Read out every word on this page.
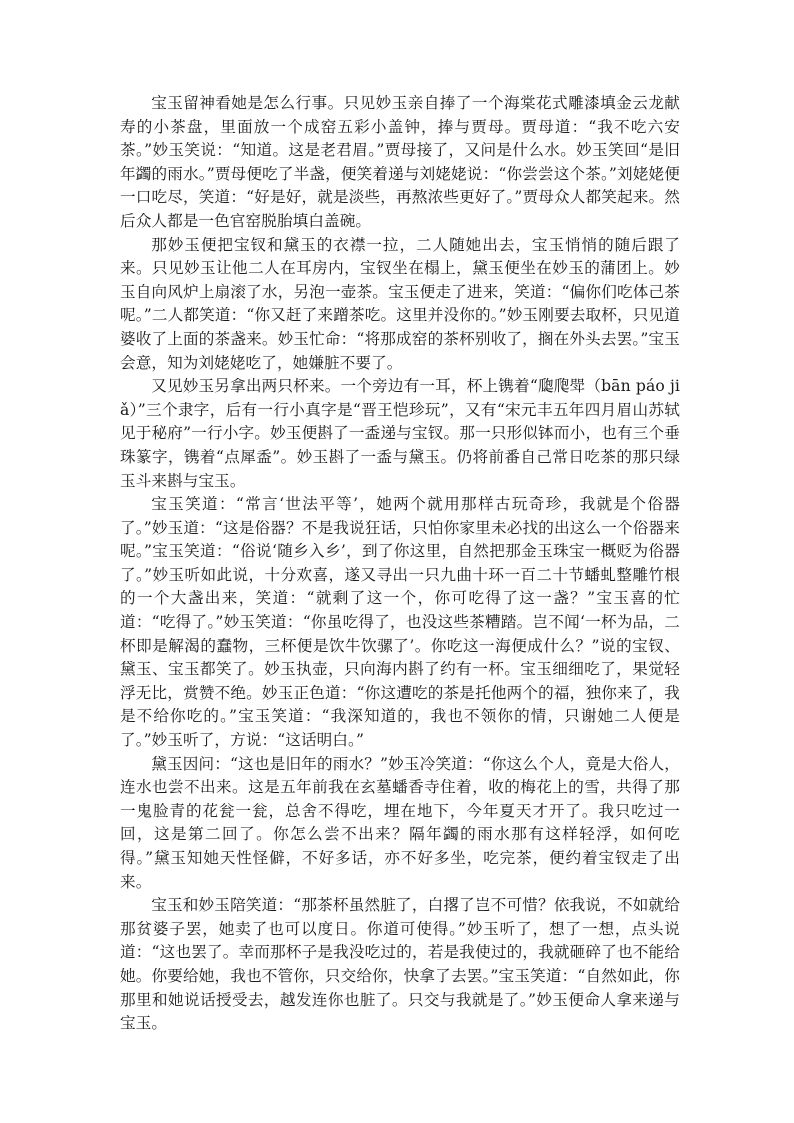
宝玉留神看她是怎么行事。只见妙玉亲自捧了一个海棠花式雕漆填金云龙献寿的小茶盘，里面放一个成窑五彩小盖钟，捧与贾母。贾母道：“我不吃六安茶。”妙玉笑说：“知道。这是老君眉。”贾母接了，又问是什么水。妙玉笑回“是旧年蠲的雨水。”贾母便吃了半盏，便笑着递与刘姥姥说：“你尝尝这个茶。”刘姥姥便一口吃尽，笑道：“好是好，就是淡些，再熬浓些更好了。”贾母众人都笑起来。然后众人都是一色官窑脱胎填白盖碗。

那妙玉便把宝钗和黛玉的衣襟一拉，二人随她出去，宝玉悄悄的随后跟了来。只见妙玉让他二人在耳房内，宝钗坐在榻上，黛玉便坐在妙玉的蒲团上。妙玉自向风炉上扇滚了水，另泡一壶茶。宝玉便走了进来，笑道：“偏你们吃体己茶呢。”二人都笑道：“你又赶了来蹭茶吃。这里并没你的。”妙玉刚要去取杯，只见道婆收了上面的茶盏来。妙玉忙命：“将那成窑的茶杯别收了，搁在外头去罢。”宝玉会意，知为刘姥姥吃了，她嫌脏不要了。

又见妙玉另拿出两只杯来。一个旁边有一耳，杯上镌着“瓟爮斝（bān páo jiǎ）”三个隶字，后有一行小真字是“晋王恺珍玩”，又有“宋元丰五年四月眉山苏轼见于秘府”一行小字。妙玉便斟了一盉递与宝钗。那一只形似钵而小，也有三个垂珠篆字，镌着“点犀盉”。妙玉斟了一盉与黛玉。仍将前番自己常日吃茶的那只绿玉斗来斟与宝玉。

宝玉笑道：“常言‘世法平等’，她两个就用那样古玩奇珍，我就是个俗器了。”妙玉道：“这是俗器？不是我说狂话，只怕你家里未必找的出这么一个俗器来呢。”宝玉笑道：“俗说‘随乡入乡’，到了你这里，自然把那金玉珠宝一概贬为俗器了。”妙玉听如此说，十分欢喜，遂又寻出一只九曲十环一百二十节蟠虬整雕竹根的一个大盏出来，笑道：“就剩了这一个，你可吃得了这一盏？”宝玉喜的忙道：“吃得了。”妙玉笑道：“你虽吃得了，也没这些茶糟踏。岂不闻‘一杯为品，二杯即是解渴的蠢物，三杯便是饮牛饮骡了’。你吃这一海便成什么？”说的宝钗、黛玉、宝玉都笑了。妙玉执壶，只向海内斟了约有一杯。宝玉细细吃了，果觉轻浮无比，赏赞不绝。妙玉正色道：“你这遭吃的茶是托他两个的福，独你来了，我是不给你吃的。”宝玉笑道：“我深知道的，我也不领你的情，只谢她二人便是了。”妙玉听了，方说：“这话明白。”

黛玉因问：“这也是旧年的雨水？”妙玉冷笑道：“你这么个人，竟是大俗人，连水也尝不出来。这是五年前我在玄墓蟠香寺住着，收的梅花上的雪，共得了那一鬼脸青的花瓮一瓮，总舍不得吃，埋在地下，今年夏天才开了。我只吃过一回，这是第二回了。你怎么尝不出来？隔年蠲的雨水那有这样轻浮，如何吃得。”黛玉知她天性怪僻，不好多话，亦不好多坐，吃完茶，便约着宝钗走了出来。

宝玉和妙玉陪笑道：“那茶杯虽然脏了，白撂了岂不可惜？依我说，不如就给那贫婆子罢，她卖了也可以度日。你道可使得。”妙玉听了，想了一想，点头说道：“这也罢了。幸而那杯子是我没吃过的，若是我使过的，我就砸碎了也不能给她。你要给她，我也不管你，只交给你，快拿了去罢。”宝玉笑道：“自然如此，你那里和她说话授受去，越发连你也脏了。只交与我就是了。”妙玉便命人拿来递与宝玉。
